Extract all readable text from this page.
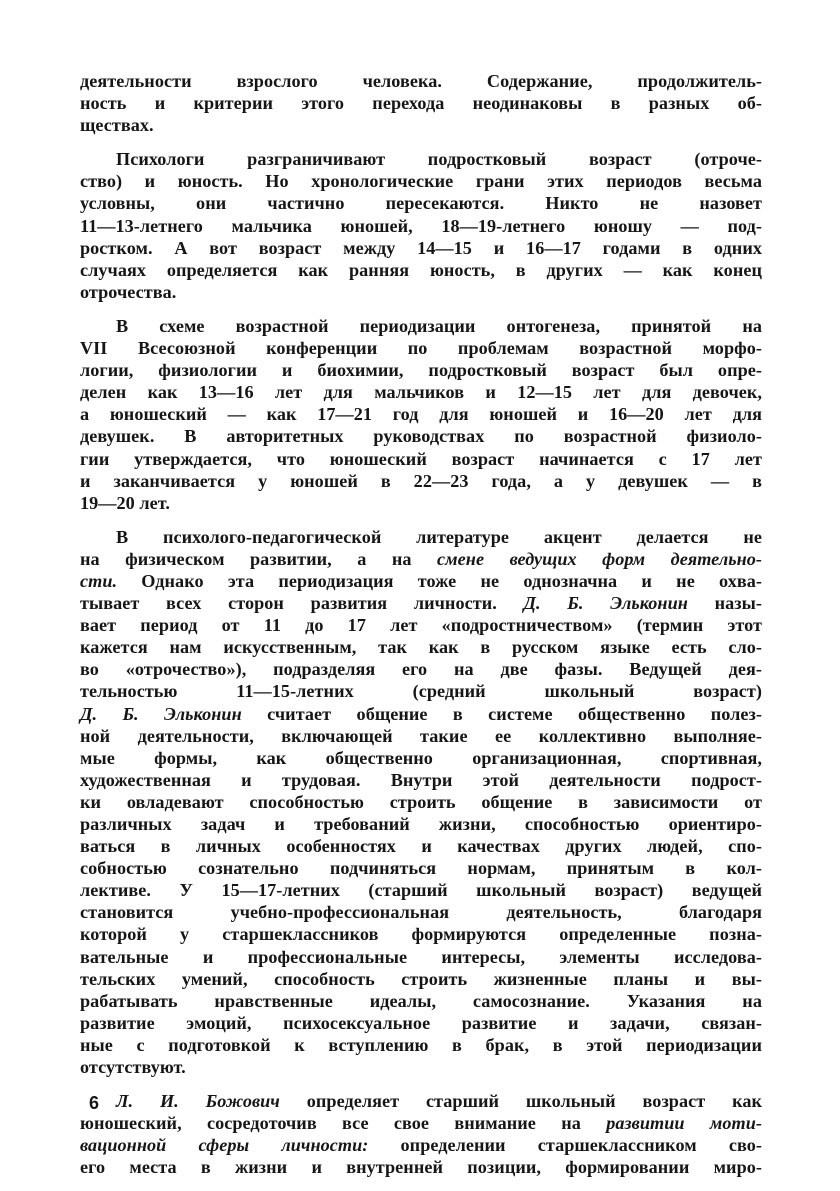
деятельности взрослого человека. Содержание, продолжитель-
ность и критерии этого перехода неодинаковы в разных об-
ществах.

Психологи разграничивают подростковый возраст (отроче-
ство) и юность. Но хронологические грани этих периодов весьма
условны, они частично пересекаются. Никто не назовет
11—13-летнего мальчика юношей, 18—19-летнего юношу — под-
ростком. А вот возраст между 14—15 и 16—17 годами в одних
случаях определяется как ранняя юность, в других — как конец
отрочества.

В схеме возрастной периодизации онтогенеза, принятой на
VII Всесоюзной конференции по проблемам возрастной морфо-
логии, физиологии и биохимии, подростковый возраст был опре-
делен как 13—16 лет для мальчиков и 12—15 лет для девочек,
а юношеский — как 17—21 год для юношей и 16—20 лет для
девушек. В авторитетных руководствах по возрастной физиоло-
гии утверждается, что юношеский возраст начинается с 17 лет
и заканчивается у юношей в 22—23 года, а у девушек — в
19—20 лет.

В психолого-педагогической литературе акцент делается не
на физическом развитии, а на смене ведущих форм деятельно-
сти. Однако эта периодизация тоже не однозначна и не охва-
тывает всех сторон развития личности. Д. Б. Эльконин назы-
вает период от 11 до 17 лет «подростничеством» (термин этот
кажется нам искусственным, так как в русском языке есть сло-
во «отрочество»), подразделяя его на две фазы. Ведущей дея-
тельностью 11—15-летних (средний школьный возраст)
Д. Б. Эльконин считает общение в системе общественно полез-
ной деятельности, включающей такие ее коллективно выполняе-
мые формы, как общественно организационная, спортивная,
художественная и трудовая. Внутри этой деятельности подрост-
ки овладевают способностью строить общение в зависимости от
различных задач и требований жизни, способностью ориентиро-
ваться в личных особенностях и качествах других людей, спо-
собностью сознательно подчиняться нормам, принятым в кол-
лективе. У 15—17-летних (старший школьный возраст) ведущей
становится учебно-профессиональная деятельность, благодаря
которой у старшеклассников формируются определенные позна-
вательные и профессиональные интересы, элементы исследова-
тельских умений, способность строить жизненные планы и вы-
рабатывать нравственные идеалы, самосознание. Указания на
развитие эмоций, психосексуальное развитие и задачи, связан-
ные с подготовкой к вступлению в брак, в этой периодизации
отсутствуют.

Л. И. Божович определяет старший школьный возраст как
юношеский, сосредоточив все свое внимание на развитии моти-
вационной сферы личности: определении старшеклассником сво-
его места в жизни и внутренней позиции, формировании миро-

6
